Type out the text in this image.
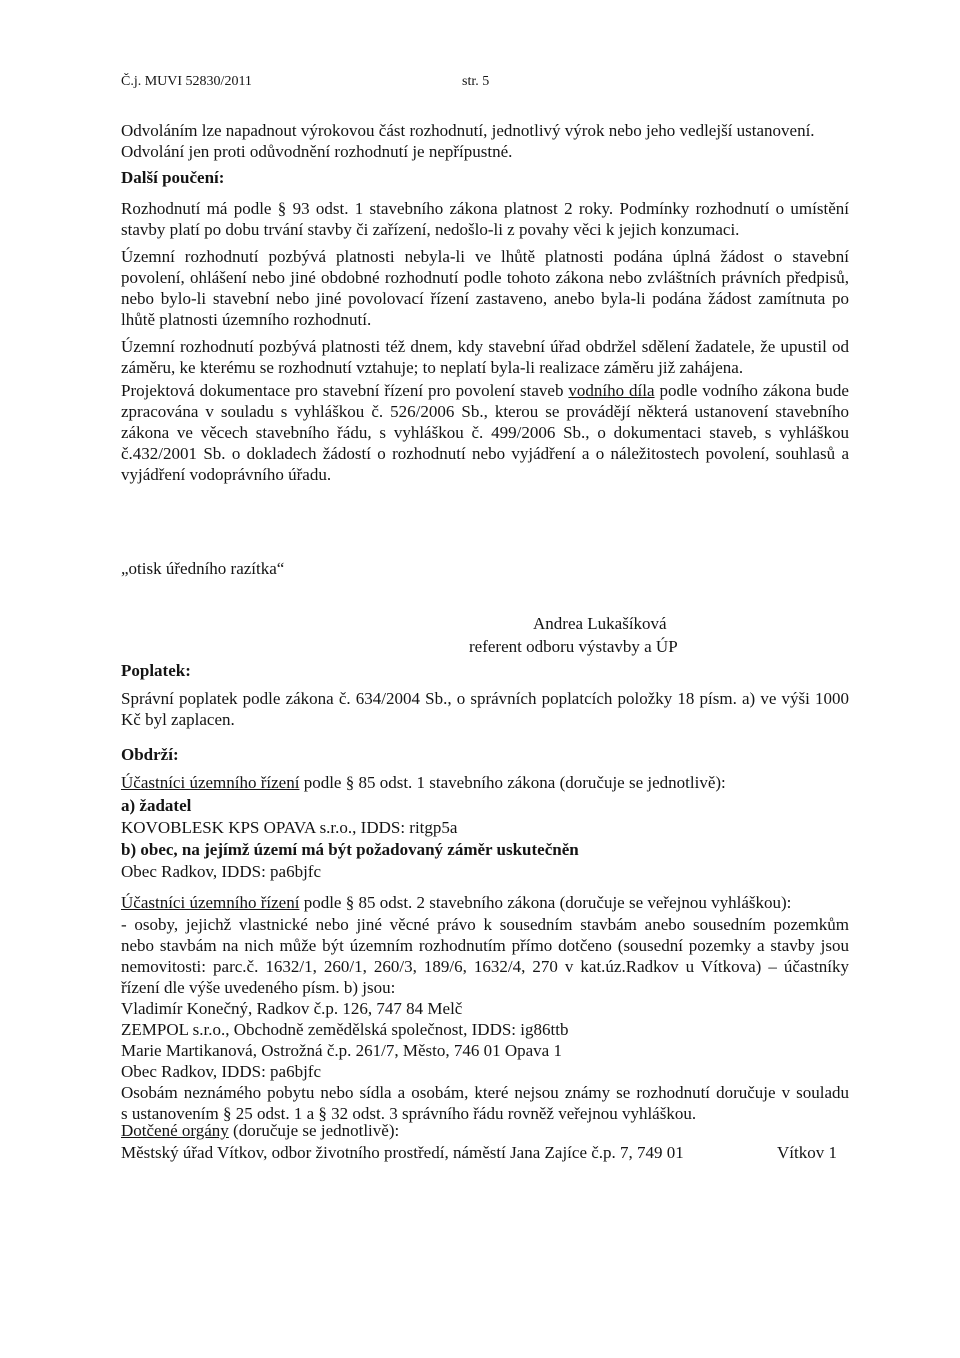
Č.j. MUVI 52830/2011	str. 5
Odvoláním lze napadnout výrokovou část rozhodnutí, jednotlivý výrok nebo jeho vedlejší ustanovení.
Odvolání jen proti odůvodnění rozhodnutí je nepřípustné.
Další poučení:
Rozhodnutí má podle § 93 odst. 1 stavebního zákona platnost 2 roky. Podmínky rozhodnutí o umístění
stavby platí po dobu trvání stavby či zařízení, nedošlo-li z povahy věci k jejich konzumaci.
Územní rozhodnutí pozbývá platnosti nebyla-li ve lhůtě platnosti podána úplná žádost o stavební
povolení, ohlášení nebo jiné obdobné rozhodnutí podle tohoto zákona nebo zvláštních právních předpisů,
nebo bylo-li stavební nebo jiné povolovací řízení zastaveno, anebo byla-li podána žádost zamítnuta po
lhůtě platnosti územního rozhodnutí.
Územní rozhodnutí pozbývá platnosti též dnem, kdy stavební úřad obdržel sdělení žadatele, že upustil od
záměru, ke kterému se rozhodnutí vztahuje; to neplatí byla-li realizace záměru již zahájena.
Projektová dokumentace pro stavební řízení pro povolení staveb vodního díla podle vodního zákona bude
zpracována v souladu s vyhláškou č. 526/2006 Sb., kterou se provádějí některá ustanovení stavebního
zákona ve věcech stavebního řádu, s vyhláškou č. 499/2006 Sb., o dokumentaci staveb, s vyhláškou
č.432/2001 Sb. o dokladech žádostí o rozhodnutí nebo vyjádření a o náležitostech povolení, souhlasů a
vyjádření vodoprávního úřadu.
„otisk úředního razítka“
Andrea Lukašíková
referent odboru výstavby a ÚP
Poplatek:
Správní poplatek podle zákona č. 634/2004 Sb., o správních poplatcích položky 18 písm. a) ve výši 1000
Kč byl zaplacen.
Obdrží:
Účastníci územního řízení podle § 85 odst. 1 stavebního zákona (doručuje se jednotlivě):
a) žadatel
KOVOBLESK KPS OPAVA s.r.o., IDDS: ritgp5a
b) obec, na jejímž území má být požadovaný záměr uskutečněn
Obec Radkov, IDDS: pa6bjfc
Účastníci územního řízení podle § 85 odst. 2 stavebního zákona (doručuje se veřejnou vyhláškou):
- osoby, jejichž vlastnické nebo jiné věcné právo k sousedním stavbám anebo sousedním pozemkům
nebo stavbám na nich může být územním rozhodnutím přímo dotčeno (sousední pozemky a stavby jsou
nemovitosti: parc.č. 1632/1, 260/1, 260/3, 189/6, 1632/4, 270 v kat.úz.Radkov u Vítkova) – účastníky
řízení dle výše uvedeného písm. b) jsou:
Vladimír Konečný, Radkov č.p. 126, 747 84 Melč
ZEMPOL s.r.o., Obchodně zemědělská společnost, IDDS: ig86ttb
Marie Martikanová, Ostrožná č.p. 261/7, Město, 746 01 Opava 1
Obec Radkov, IDDS: pa6bjfc
Osobám neznámého pobytu nebo sídla a osobám, které nejsou známy se rozhodnutí doručuje v souladu
s ustanovením § 25 odst. 1 a § 32 odst. 3 správního řádu rovněž veřejnou vyhláškou.
Dotčené orgány (doručuje se jednotlivě):
Městský úřad Vítkov, odbor životního prostředí, náměstí Jana Zajíce č.p. 7, 749 01	Vítkov 1
